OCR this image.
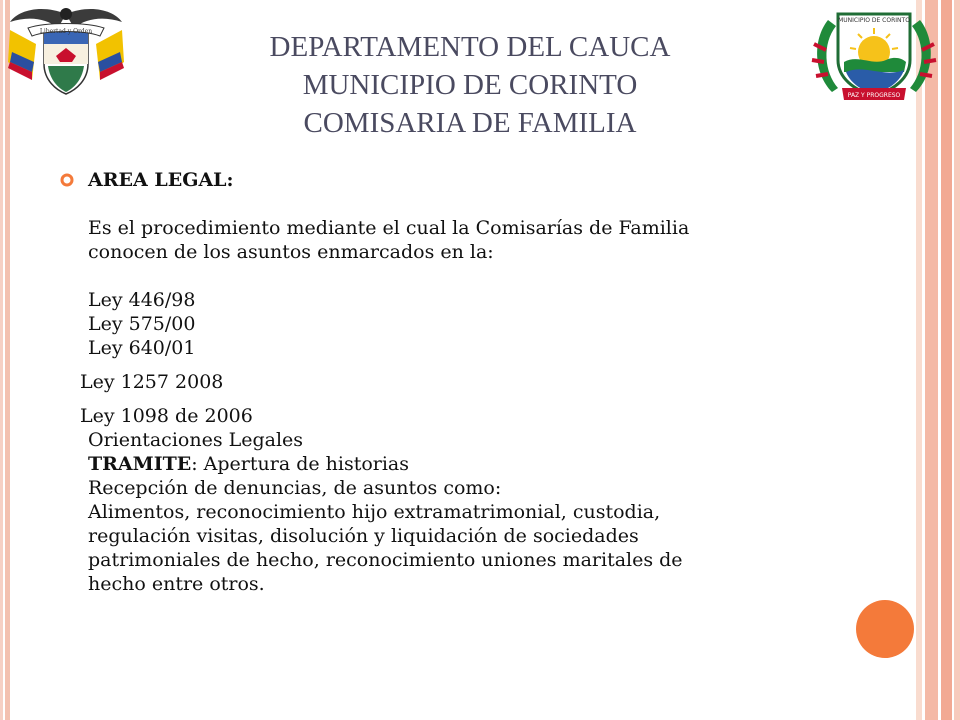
Libertad y Orden
MUNICIPIO DE CORINTO
PAZ Y PROGRESO
DEPARTAMENTO DEL CAUCA
MUNICIPIO DE CORINTO
COMISARIA DE FAMILIA
AREA LEGAL:
Es el procedimiento mediante el cual la Comisarías de Familia
conocen de los asuntos enmarcados en la:
Ley 446/98
Ley 575/00
Ley 640/01
Ley 1257 2008
Ley 1098 de 2006
Orientaciones Legales
TRAMITE: Apertura de historias
Recepción de denuncias, de asuntos como:
Alimentos, reconocimiento hijo extramatrimonial, custodia,
regulación visitas, disolución y liquidación de sociedades
patrimoniales de hecho, reconocimiento uniones maritales de
hecho entre otros.
